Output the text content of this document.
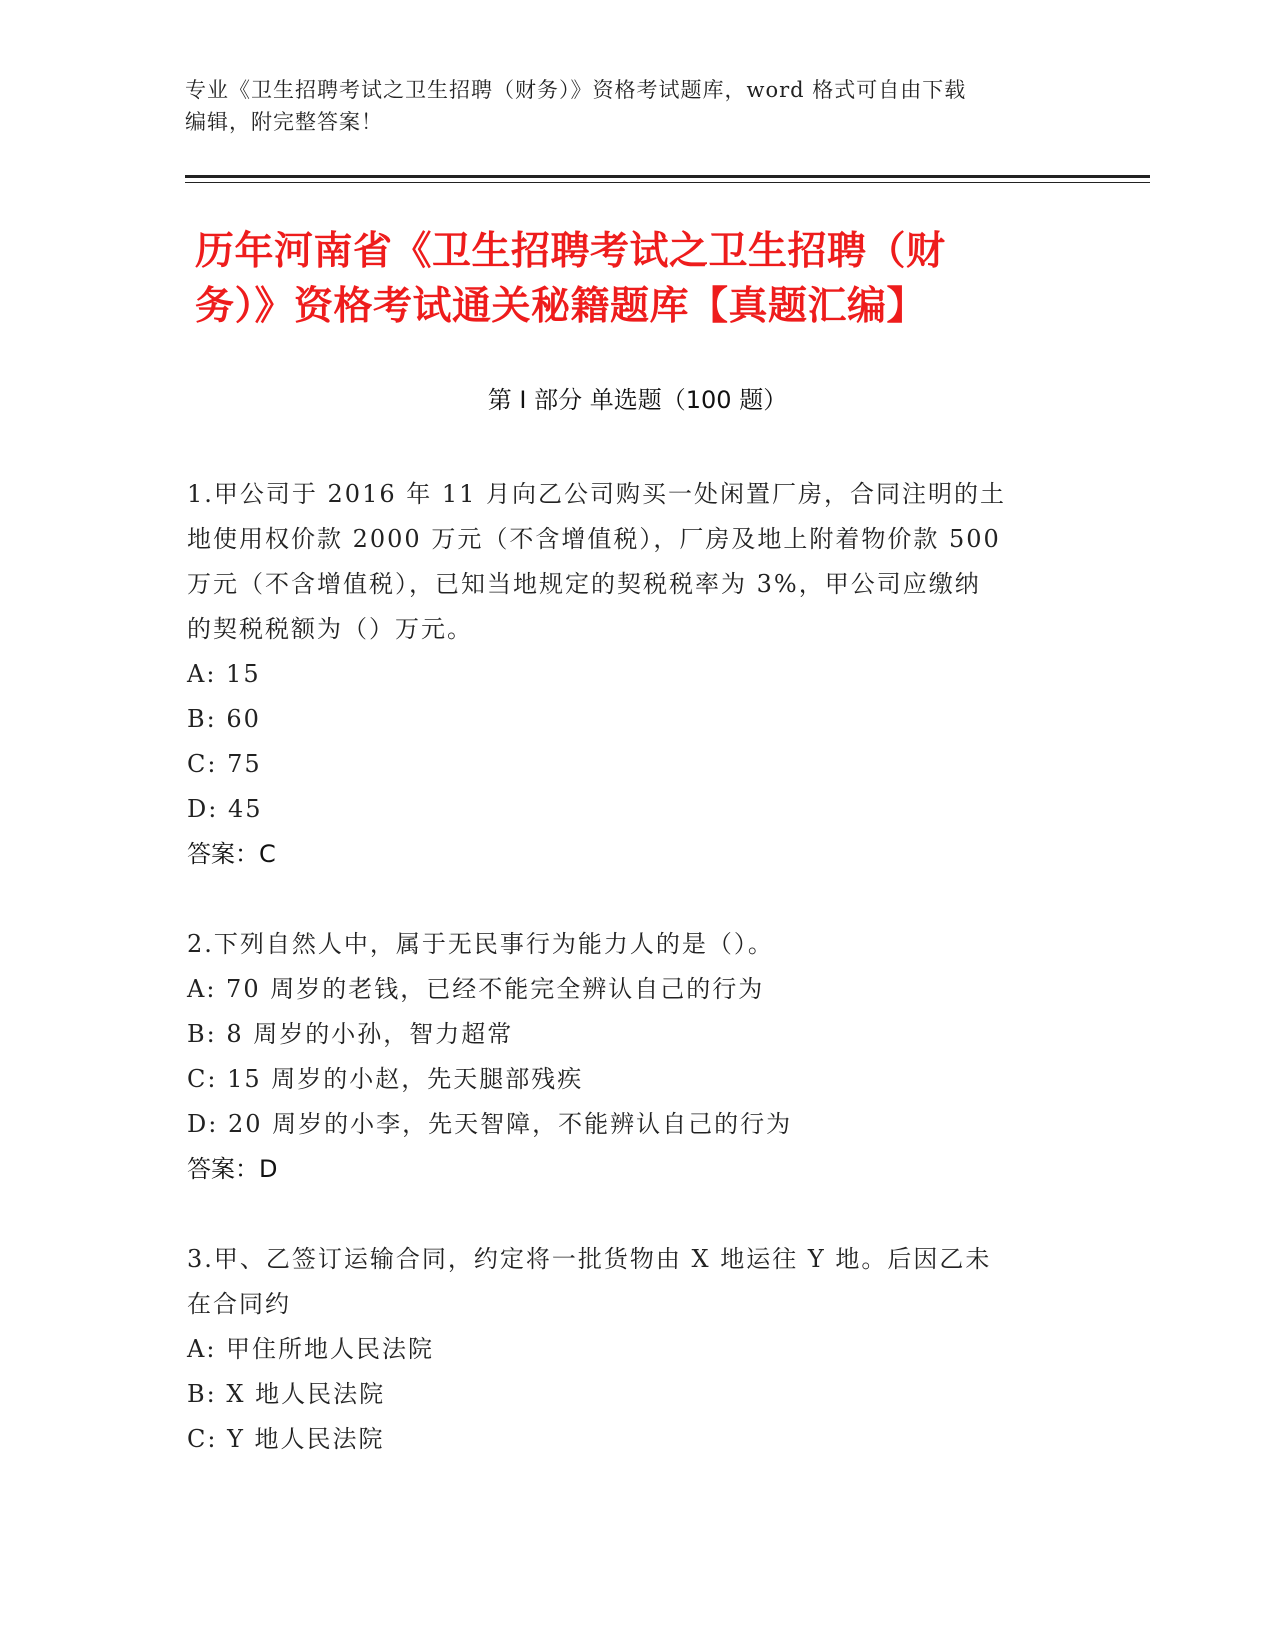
专业《卫生招聘考试之卫生招聘（财务）》资格考试题库，word 格式可自由下载
编辑，附完整答案！
历年河南省《卫生招聘考试之卫生招聘（财
务）》资格考试通关秘籍题库【真题汇编】
第 I 部分 单选题（100 题）
1.甲公司于 2016 年 11 月向乙公司购买一处闲置厂房，合同注明的土
地使用权价款 2000 万元（不含增值税），厂房及地上附着物价款 500
万元（不含增值税），已知当地规定的契税税率为 3%，甲公司应缴纳
的契税税额为（）万元。
A: 15
B: 60
C: 75
D: 45
答案：C
2.下列自然人中，属于无民事行为能力人的是（）。
A: 70 周岁的老钱，已经不能完全辨认自己的行为
B: 8 周岁的小孙，智力超常
C: 15 周岁的小赵，先天腿部残疾
D: 20 周岁的小李，先天智障，不能辨认自己的行为
答案：D
3.甲、乙签订运输合同，约定将一批货物由 X 地运往 Y 地。后因乙未
在合同约
A: 甲住所地人民法院
B: X 地人民法院
C: Y 地人民法院
